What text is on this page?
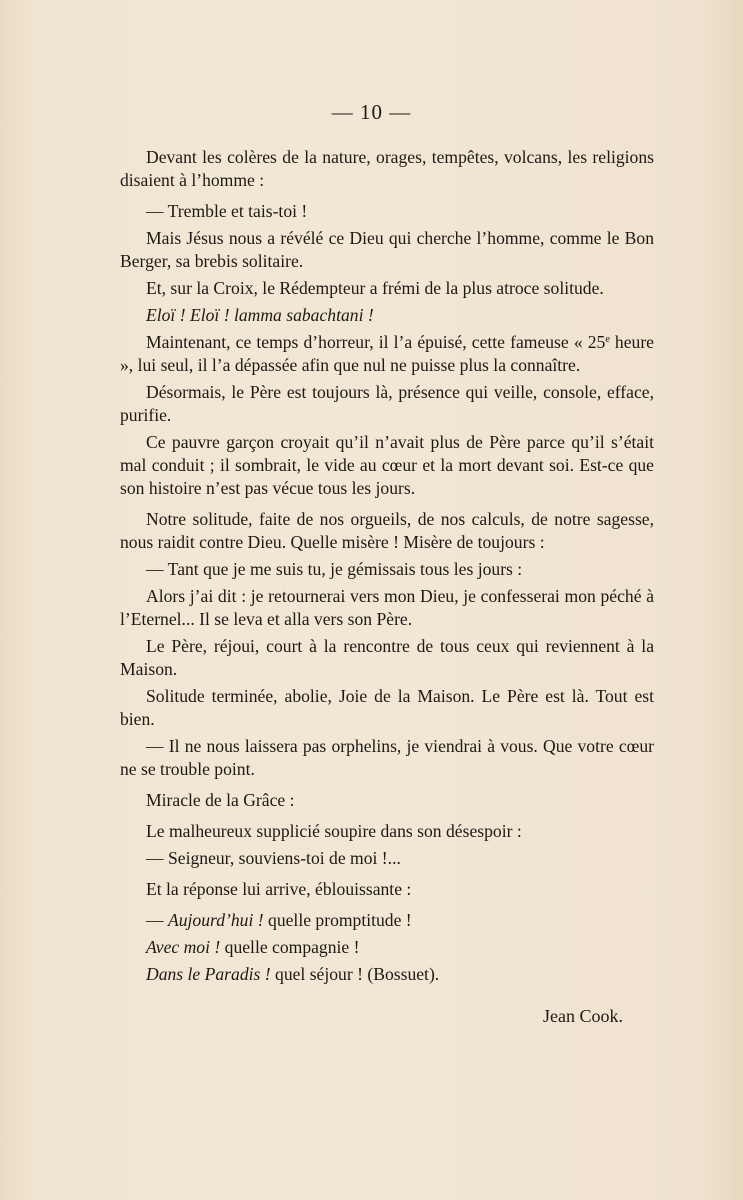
— 10 —

Devant les colères de la nature, orages, tempêtes, volcans, les religions disaient à l’homme :

— Tremble et tais-toi !

Mais Jésus nous a révélé ce Dieu qui cherche l’homme, comme le Bon Berger, sa brebis solitaire.

Et, sur la Croix, le Rédempteur a frémi de la plus atroce solitude.

Eloï ! Eloï ! lamma sabachtani !

Maintenant, ce temps d’horreur, il l’a épuisé, cette fameuse « 25e heure », lui seul, il l’a dépassée afin que nul ne puisse plus la connaître.

Désormais, le Père est toujours là, présence qui veille, console, efface, purifie.

Ce pauvre garçon croyait qu’il n’avait plus de Père parce qu’il s’était mal conduit ; il sombrait, le vide au cœur et la mort devant soi. Est-ce que son histoire n’est pas vécue tous les jours.

Notre solitude, faite de nos orgueils, de nos calculs, de notre sagesse, nous raidit contre Dieu. Quelle misère ! Misère de toujours :

— Tant que je me suis tu, je gémissais tous les jours :

Alors j’ai dit : je retournerai vers mon Dieu, je confesserai mon péché à l’Eternel... Il se leva et alla vers son Père.

Le Père, réjoui, court à la rencontre de tous ceux qui reviennent à la Maison.

Solitude terminée, abolie, Joie de la Maison. Le Père est là. Tout est bien.

— Il ne nous laissera pas orphelins, je viendrai à vous. Que votre cœur ne se trouble point.

Miracle de la Grâce :

Le malheureux supplicié soupire dans son désespoir :

— Seigneur, souviens-toi de moi !...

Et la réponse lui arrive, éblouissante :

— Aujourd’hui ! quelle promptitude !

Avec moi ! quelle compagnie !

Dans le Paradis ! quel séjour ! (Bossuet).

Jean Cook.
